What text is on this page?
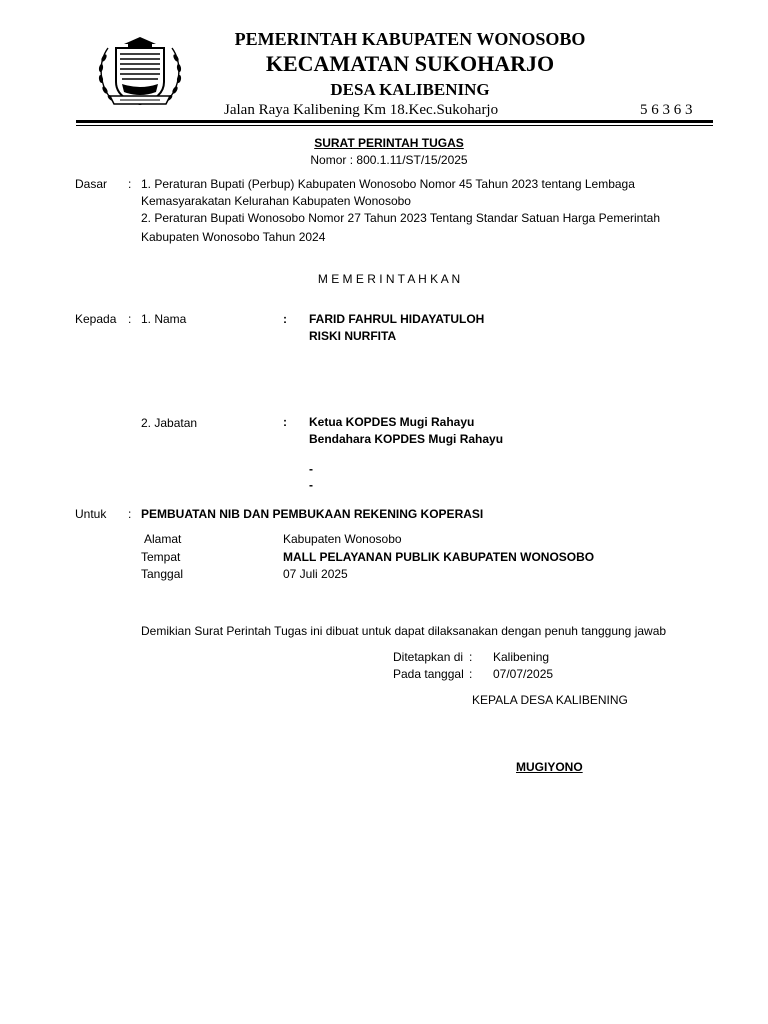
PEMERINTAH KABUPATEN WONOSOBO
KECAMATAN SUKOHARJO
DESA KALIBENING
Jalan Raya Kalibening Km 18.Kec.Sukoharjo	5 6 3 6 3
SURAT PERINTAH TUGAS
Nomor : 800.1.11/ST/15/2025
Dasar : 1. Peraturan Bupati (Perbup) Kabupaten Wonosobo Nomor 45 Tahun 2023 tentang Lembaga
Kemasyarakatan Kelurahan Kabupaten Wonosobo
2. Peraturan Bupati Wonosobo Nomor 27 Tahun 2023 Tentang Standar Satuan Harga Pemerintah
Kabupaten Wonosobo Tahun 2024
M E M E R I N T A H K A N
Kepada : 1. Nama	: FARID FAHRUL HIDAYATULOH
RISKI NURFITA
2. Jabatan	: Ketua KOPDES Mugi Rahayu
Bendahara KOPDES Mugi Rahayu
-
-
Untuk : PEMBUATAN NIB DAN PEMBUKAAN REKENING KOPERASI
Alamat	Kabupaten Wonosobo
Tempat	MALL PELAYANAN PUBLIK KABUPATEN WONOSOBO
Tanggal	07 Juli 2025
Demikian Surat Perintah Tugas ini dibuat untuk dapat dilaksanakan dengan penuh tanggung jawab
Ditetapkan di : Kalibening
Pada tanggal : 07/07/2025
KEPALA DESA KALIBENING
MUGIYONO
